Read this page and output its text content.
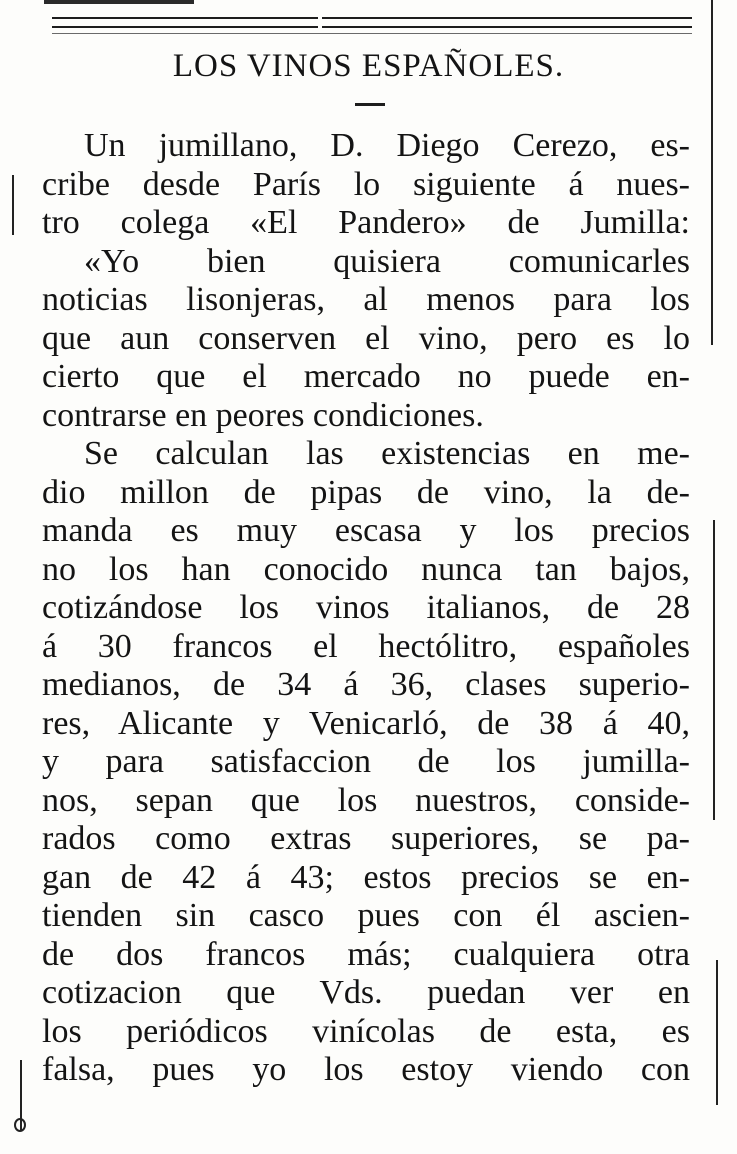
LOS VINOS ESPAÑOLES.
Un jumillano, D. Diego Cerezo, es-
cribe desde París lo siguiente á nues-
tro colega «El Pandero» de Jumilla:
«Yo bien quisiera comunicarles
noticias lisonjeras, al menos para los
que aun conserven el vino, pero es lo
cierto que el mercado no puede en-
contrarse en peores condiciones.
Se calculan las existencias en me-
dio millon de pipas de vino, la de-
manda es muy escasa y los precios
no los han conocido nunca tan bajos,
cotizándose los vinos italianos, de 28
á 30 francos el hectólitro, españoles
medianos, de 34 á 36, clases superio-
res, Alicante y Venicarló, de 38 á 40,
y para satisfaccion de los jumilla-
nos, sepan que los nuestros, conside-
rados como extras superiores, se pa-
gan de 42 á 43; estos precios se en-
tienden sin casco pues con él ascien-
de dos francos más; cualquiera otra
cotizacion que Vds. puedan ver en
los periódicos vinícolas de esta, es
falsa, pues yo los estoy viendo con
